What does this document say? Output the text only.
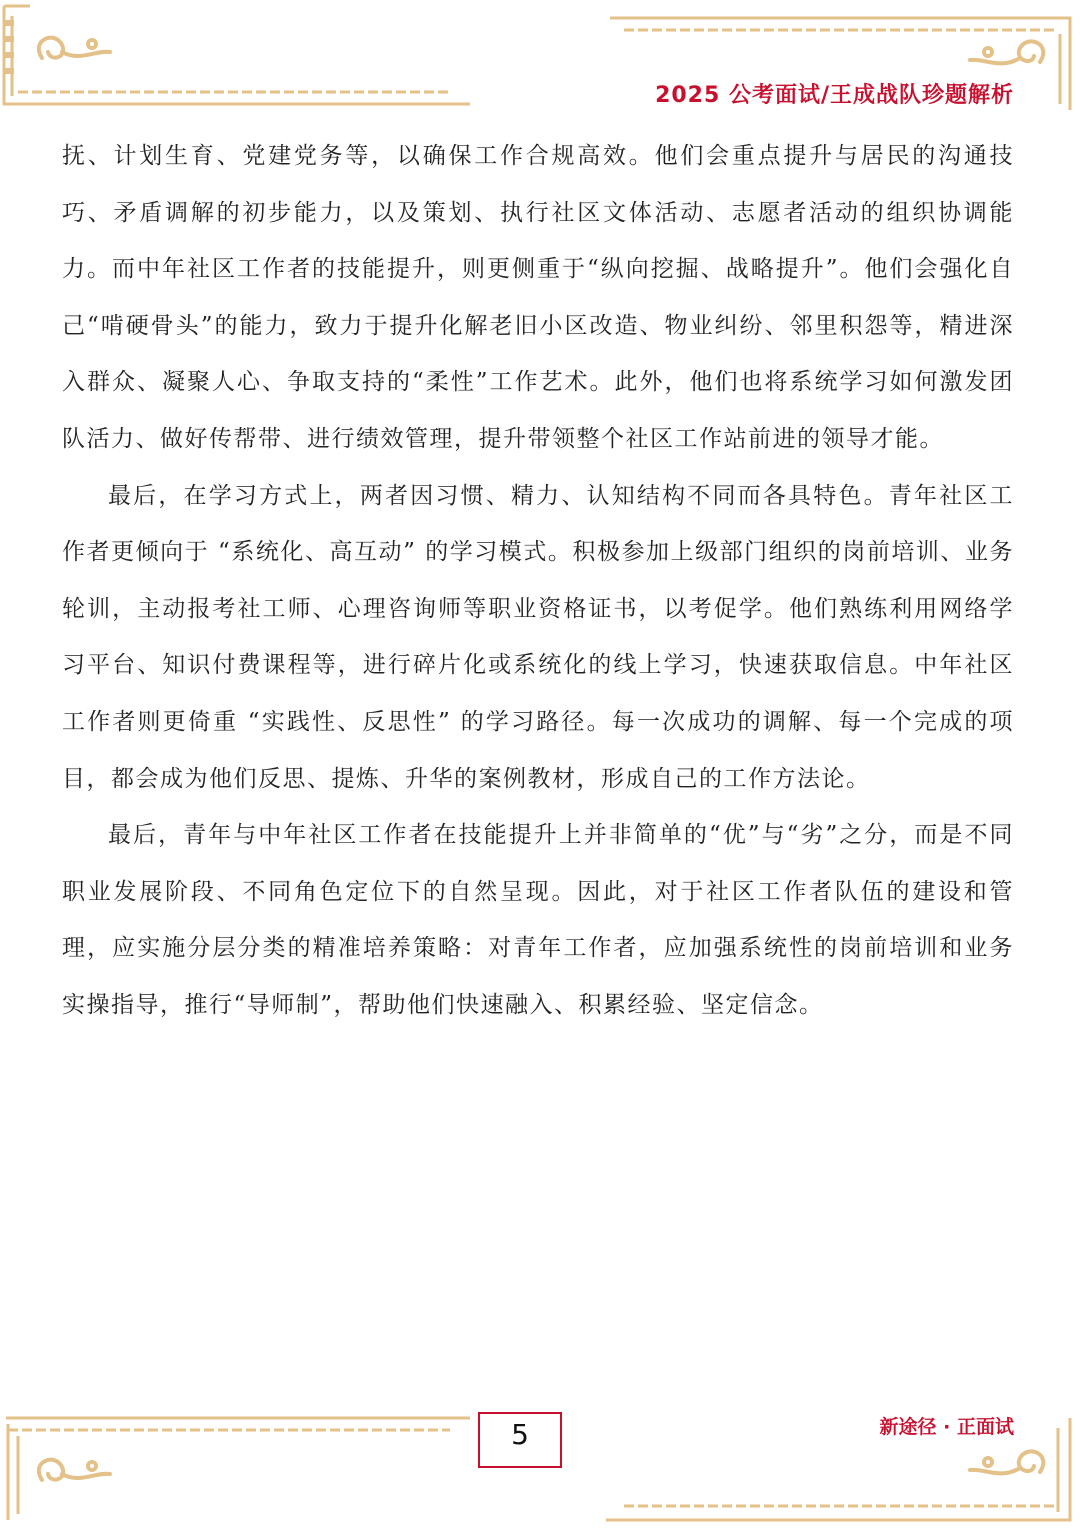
2025 公考面试/王成战队珍题解析

抚、计划生育、党建党务等，以确保工作合规高效。他们会重点提升与居民的沟通技巧、矛盾调解的初步能力，以及策划、执行社区文体活动、志愿者活动的组织协调能力。而中年社区工作者的技能提升，则更侧重于“纵向挖掘、战略提升”。他们会强化自己“啃硬骨头”的能力，致力于提升化解老旧小区改造、物业纠纷、邻里积怨等，精进深入群众、凝聚人心、争取支持的“柔性”工作艺术。此外，他们也将系统学习如何激发团队活力、做好传帮带、进行绩效管理，提升带领整个社区工作站前进的领导才能。

最后，在学习方式上，两者因习惯、精力、认知结构不同而各具特色。青年社区工作者更倾向于 “系统化、高互动” 的学习模式。积极参加上级部门组织的岗前培训、业务轮训，主动报考社工师、心理咨询师等职业资格证书，以考促学。他们熟练利用网络学习平台、知识付费课程等，进行碎片化或系统化的线上学习，快速获取信息。中年社区工作者则更倚重 “实践性、反思性” 的学习路径。每一次成功的调解、每一个完成的项目，都会成为他们反思、提炼、升华的案例教材，形成自己的工作方法论。

最后，青年与中年社区工作者在技能提升上并非简单的“优”与“劣”之分，而是不同职业发展阶段、不同角色定位下的自然呈现。因此，对于社区工作者队伍的建设和管理，应实施分层分类的精准培养策略：对青年工作者，应加强系统性的岗前培训和业务实操指导，推行“导师制”，帮助他们快速融入、积累经验、坚定信念。

5	新途径 · 正面试
